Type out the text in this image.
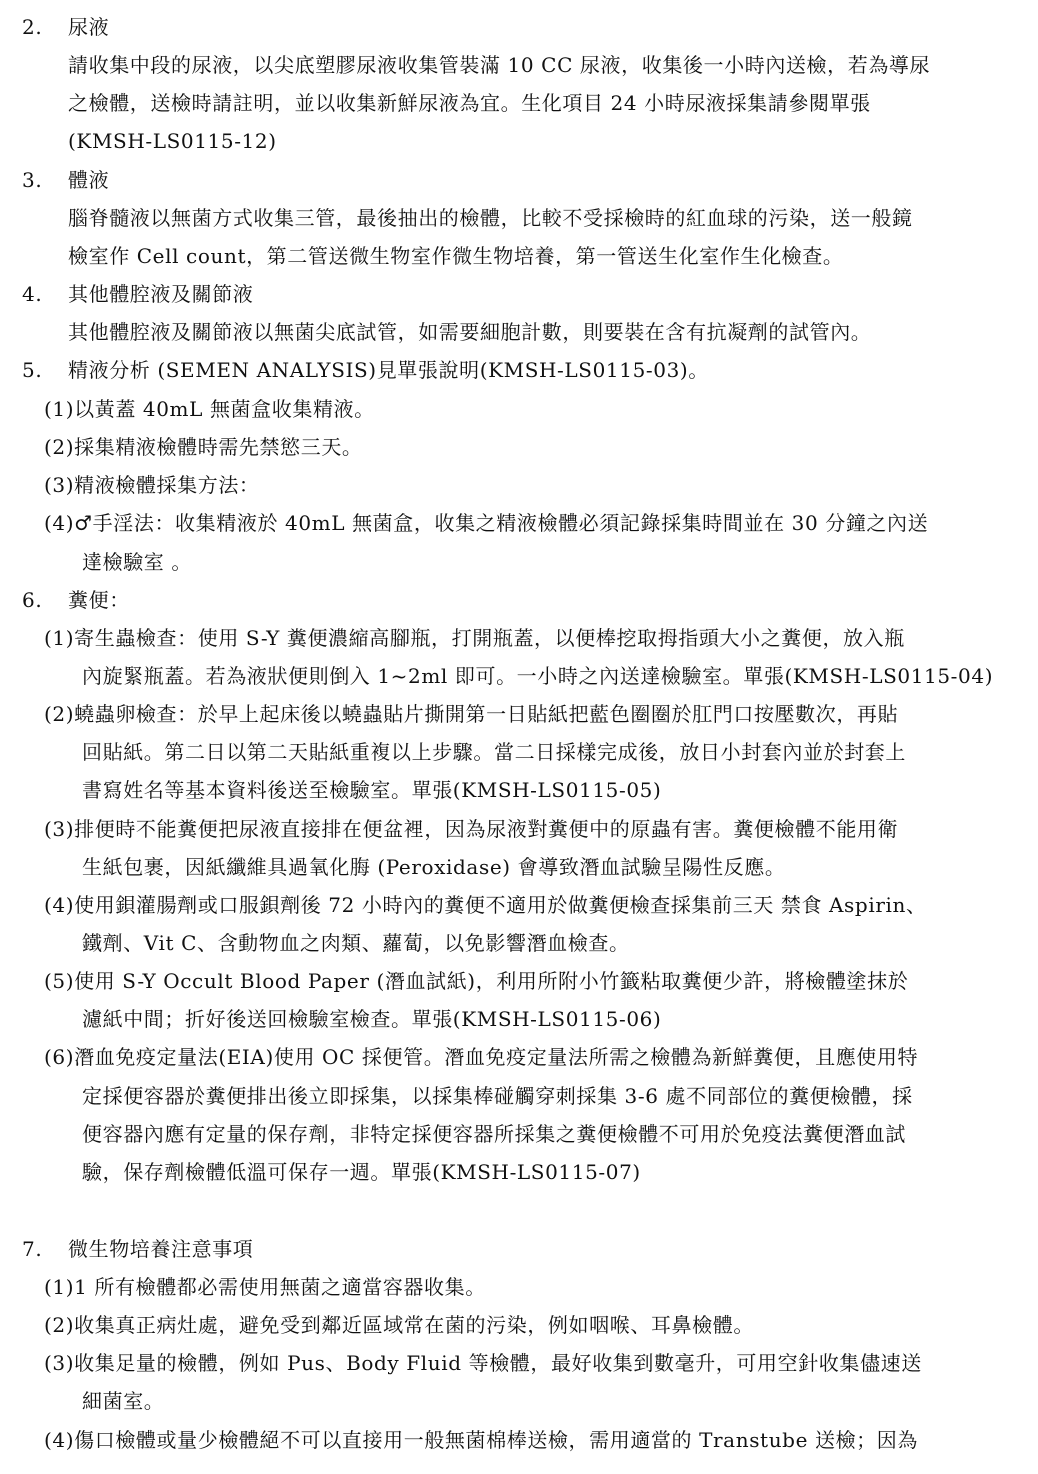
2. 尿液
請收集中段的尿液，以尖底塑膠尿液收集管裝滿 10 CC 尿液，收集後一小時內送檢，若為導尿
之檢體，送檢時請註明，並以收集新鮮尿液為宜。生化項目 24 小時尿液採集請參閱單張
(KMSH-LS0115-12)
3. 體液
腦脊髓液以無菌方式收集三管，最後抽出的檢體，比較不受採檢時的紅血球的污染，送一般鏡
檢室作 Cell count，第二管送微生物室作微生物培養，第一管送生化室作生化檢查。
4. 其他體腔液及關節液
其他體腔液及關節液以無菌尖底試管，如需要細胞計數，則要裝在含有抗凝劑的試管內。
5. 精液分析 (SEMEN ANALYSIS)見單張說明(KMSH-LS0115-03)。
(1)以黃蓋 40mL 無菌盒收集精液。
(2)採集精液檢體時需先禁慾三天。
(3)精液檢體採集方法：
(4)♂手淫法：收集精液於 40mL 無菌盒，收集之精液檢體必須記錄採集時間並在 30 分鐘之內送
達檢驗室 。
6. 糞便：
(1)寄生蟲檢查：使用 S-Y 糞便濃縮高腳瓶，打開瓶蓋，以便棒挖取拇指頭大小之糞便，放入瓶
內旋緊瓶蓋。若為液狀便則倒入 1~2ml 即可。一小時之內送達檢驗室。單張(KMSH-LS0115-04)
(2)蟯蟲卵檢查：於早上起床後以蟯蟲貼片撕開第一日貼紙把藍色圈圈於肛門口按壓數次，再貼
回貼紙。第二日以第二天貼紙重複以上步驟。當二日採樣完成後，放日小封套內並於封套上
書寫姓名等基本資料後送至檢驗室。單張(KMSH-LS0115-05)
(3)排便時不能糞便把尿液直接排在便盆裡，因為尿液對糞便中的原蟲有害。糞便檢體不能用衛
生紙包裹，因紙纖維具過氧化脢 (Peroxidase) 會導致潛血試驗呈陽性反應。
(4)使用鋇灌腸劑或口服鋇劑後 72 小時內的糞便不適用於做糞便檢查採集前三天 禁食 Aspirin、
鐵劑、Vit C、含動物血之肉類、蘿蔔，以免影響潛血檢查。
(5)使用 S-Y Occult Blood Paper (潛血試紙)，利用所附小竹籤粘取糞便少許，將檢體塗抹於
濾紙中間；折好後送回檢驗室檢查。單張(KMSH-LS0115-06)
(6)潛血免疫定量法(EIA)使用 OC 採便管。潛血免疫定量法所需之檢體為新鮮糞便，且應使用特
定採便容器於糞便排出後立即採集，以採集棒碰觸穿刺採集 3-6 處不同部位的糞便檢體，採
便容器內應有定量的保存劑，非特定採便容器所採集之糞便檢體不可用於免疫法糞便潛血試
驗，保存劑檢體低溫可保存一週。單張(KMSH-LS0115-07)
7. 微生物培養注意事項
(1)1 所有檢體都必需使用無菌之適當容器收集。
(2)收集真正病灶處，避免受到鄰近區域常在菌的污染，例如咽喉、耳鼻檢體。
(3)收集足量的檢體，例如 Pus、Body Fluid 等檢體，最好收集到數毫升，可用空針收集儘速送
細菌室。
(4)傷口檢體或量少檢體絕不可以直接用一般無菌棉棒送檢，需用適當的 Transtube 送檢；因為
